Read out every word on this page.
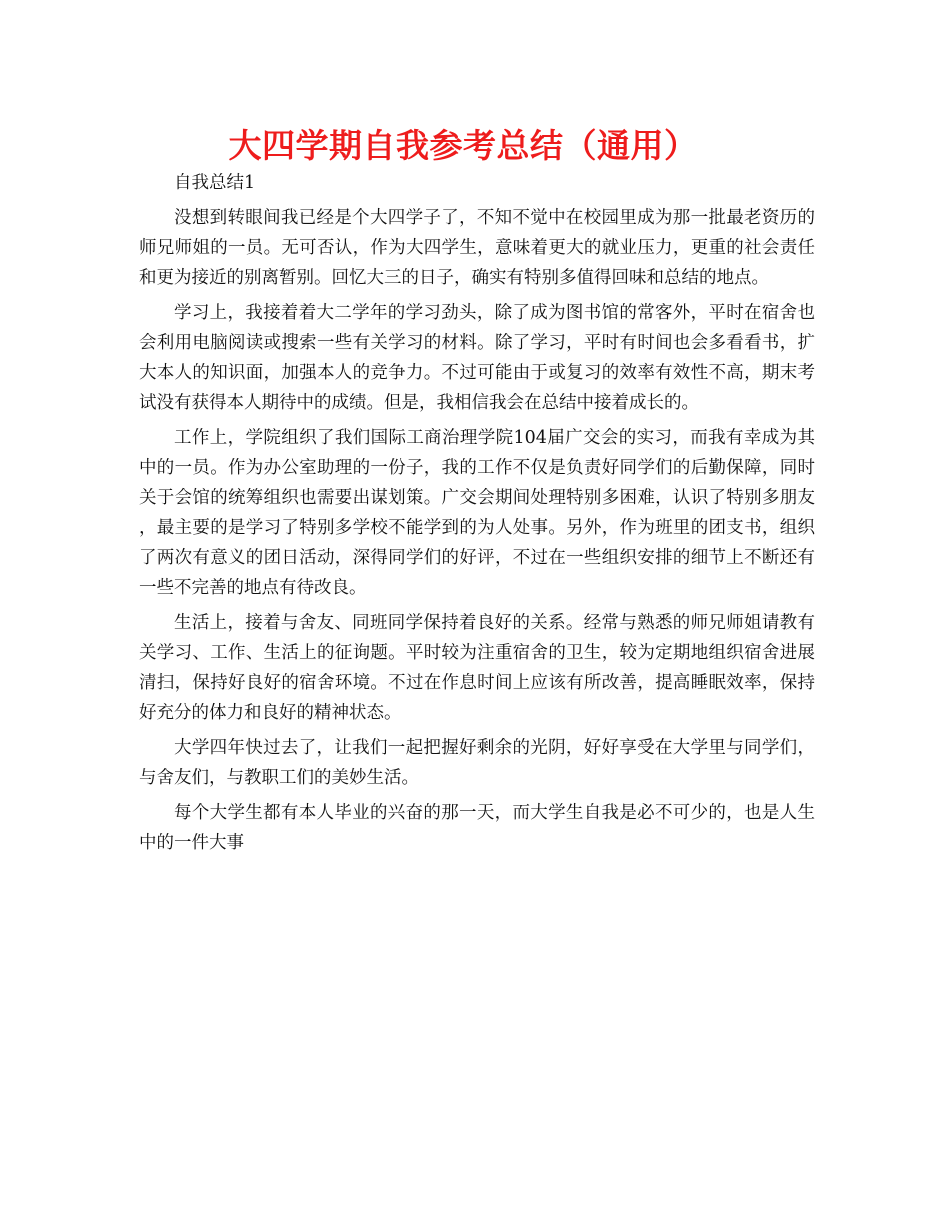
大四学期自我参考总结（通用）

自我总结1

没想到转眼间我已经是个大四学子了，不知不觉中在校园里成为那一批最老资历的师兄师姐的一员。无可否认，作为大四学生，意味着更大的就业压力，更重的社会责任和更为接近的别离暂别。回忆大三的日子，确实有特别多值得回味和总结的地点。

学习上，我接着着大二学年的学习劲头，除了成为图书馆的常客外，平时在宿舍也会利用电脑阅读或搜索一些有关学习的材料。除了学习，平时有时间也会多看看书，扩大本人的知识面，加强本人的竞争力。不过可能由于或复习的效率有效性不高，期末考试没有获得本人期待中的成绩。但是，我相信我会在总结中接着成长的。

工作上，学院组织了我们国际工商治理学院104届广交会的实习，而我有幸成为其中的一员。作为办公室助理的一份子，我的工作不仅是负责好同学们的后勤保障，同时关于会馆的统筹组织也需要出谋划策。广交会期间处理特别多困难，认识了特别多朋友，最主要的是学习了特别多学校不能学到的为人处事。另外，作为班里的团支书，组织了两次有意义的团日活动，深得同学们的好评，不过在一些组织安排的细节上不断还有一些不完善的地点有待改良。

生活上，接着与舍友、同班同学保持着良好的关系。经常与熟悉的师兄师姐请教有关学习、工作、生活上的征询题。平时较为注重宿舍的卫生，较为定期地组织宿舍进展清扫，保持好良好的宿舍环境。不过在作息时间上应该有所改善，提高睡眠效率，保持好充分的体力和良好的精神状态。

大学四年快过去了，让我们一起把握好剩余的光阴，好好享受在大学里与同学们，与舍友们，与教职工们的美妙生活。

每个大学生都有本人毕业的兴奋的那一天，而大学生自我是必不可少的，也是人生中的一件大事
